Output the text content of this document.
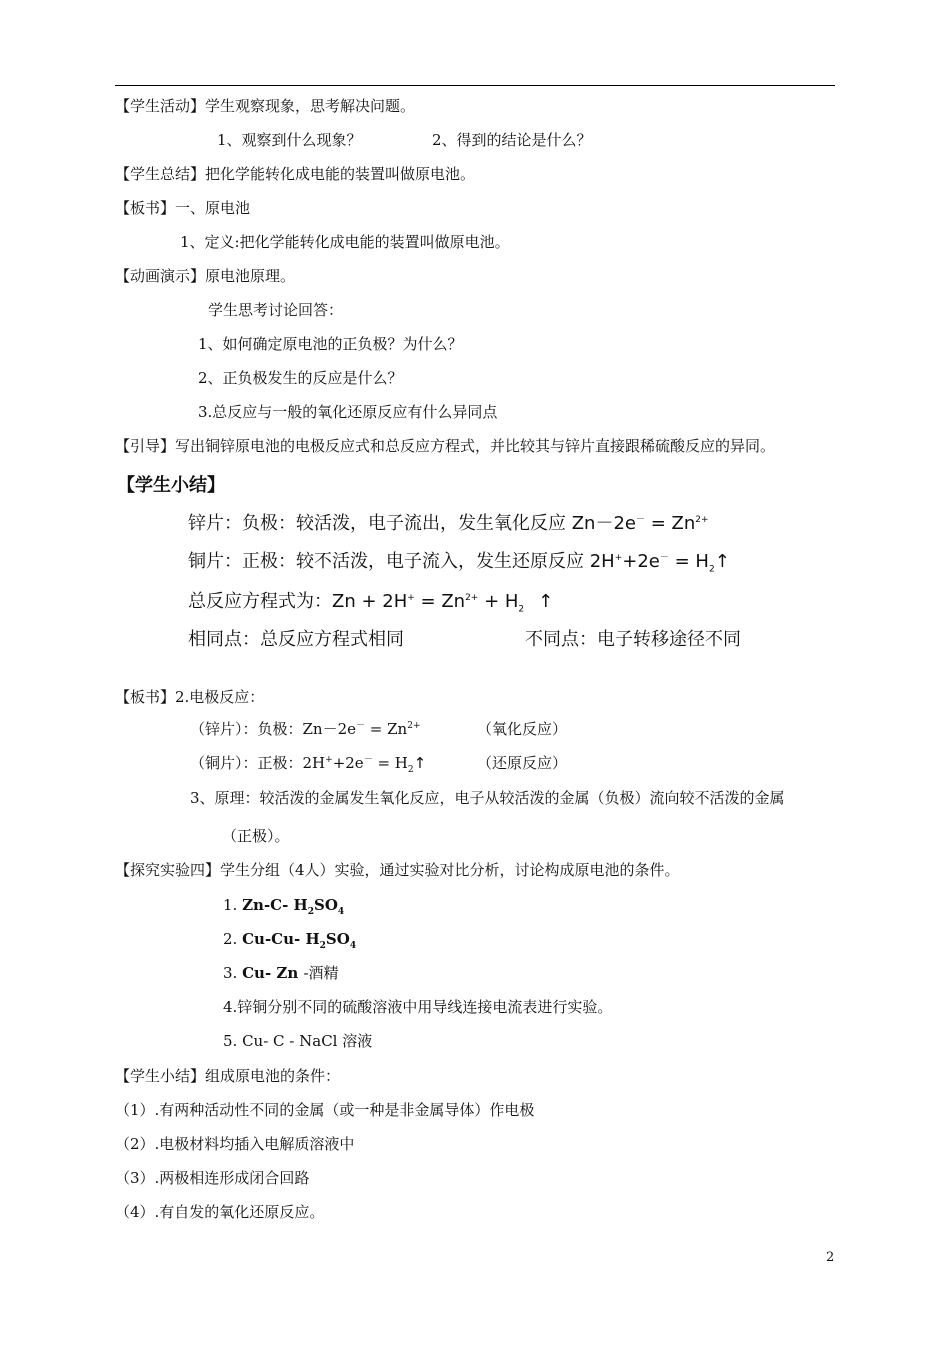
【学生活动】学生观察现象，思考解决问题。
1、观察到什么现象？	2、得到的结论是什么？
【学生总结】把化学能转化成电能的装置叫做原电池。
【板书】一、原电池
1、定义:把化学能转化成电能的装置叫做原电池。
【动画演示】原电池原理。
学生思考讨论回答：
1、如何确定原电池的正负极？为什么？
2、正负极发生的反应是什么？
3.总反应与一般的氧化还原反应有什么异同点
【引导】写出铜锌原电池的电极反应式和总反应方程式，并比较其与锌片直接跟稀硫酸反应的异同。
【学生小结】
锌片：负极：较活泼，电子流出，发生氧化反应 $Zn-2e^- = Zn^{2+}$
铜片：正极：较不活泼，电子流入，发生还原反应 $2H^++2e^- = H_2↑$
总反应方程式为：$Zn + 2H^+ = Zn^{2+} + H_2$ ↑
相同点：总反应方程式相同	不同点：电子转移途径不同
【板书】2.电极反应：
（锌片）：负极：$Zn-2e^- = Zn^{2+}$	（氧化反应）
（铜片）：正极：$2H^++2e^- = H_2↑$	（还原反应）
3、原理：较活泼的金属发生氧化反应，电子从较活泼的金属（负极）流向较不活泼的金属
（正极）。
【探究实验四】学生分组（4人）实验，通过实验对比分析，讨论构成原电池的条件。
1. Zn-C- $H_2SO_4$
2. Cu-Cu- $H_2SO_4$
3. Cu- Zn -酒精
4.锌铜分别不同的硫酸溶液中用导线连接电流表进行实验。
5. Cu- C - NaCl 溶液
【学生小结】组成原电池的条件：
（1）.有两种活动性不同的金属（或一种是非金属导体）作电极
（2）.电极材料均插入电解质溶液中
（3）.两极相连形成闭合回路
（4）.有自发的氧化还原反应。
2
